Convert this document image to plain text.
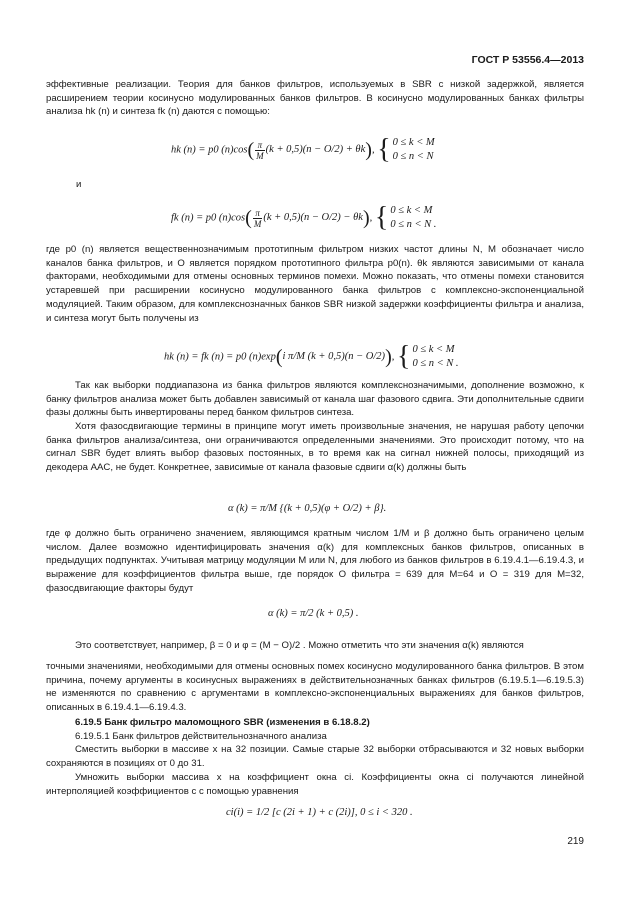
ГОСТ Р 53556.4—2013
эффективные реализации. Теория для банков фильтров, используемых в SBR с низкой задержкой, является расширением теории косинусно модулированных банков фильтров. В косинусно модулированных банках фильтры анализа hk (n) и синтеза fk (n) даются с помощью:
hk (n) = p0 $(n)\cos( \frac{\pi}{M} (k + 0,5)(n - O/2) + \theta k)$, { 0 ≤ k < M
0 ≤ n < N
и
fk (n) = p0 $(n)\cos( \frac{\pi}{M} (k + 0,5)(n - O/2) - \theta k)$, { 0 ≤ k < M
0 ≤ n < N .
где p0 (n) является вещественнозначимым прототипным фильтром низких частот длины N, M обозначает число каналов банка фильтров, и O является порядком прототипного фильтра p0(n). θk являются зависимыми от канала факторами, необходимыми для отмены основных терминов помехи. Можно показать, что отмены помехи становится устаревшей при расширении косинусно модулированного банка фильтров с комплексно-экспоненциальной модуляцией. Таким образом, для комплекснозначных банков SBR низкой задержки коэффициенты фильтра и анализа, и синтеза могут быть получены из
hk (n) = fk (n) = p0 (n)exp(i π/M (k + 0,5)(n − O/2)), { 0 ≤ k < M
0 ≤ n < N .
Так как выборки поддиапазона из банка фильтров являются комплекснозначимыми, дополнение возможно, к банку фильтров анализа может быть добавлен зависимый от канала шаг фазового сдвига. Эти дополнительные сдвиги фазы должны быть инвертированы перед банком фильтров синтеза.
Хотя фазосдвигающие термины в принципе могут иметь произвольные значения, не нарушая работу цепочки банка фильтров анализа/синтеза, они ограничиваются определенными значениями. Это происходит потому, что на сигнал SBR будет влиять выбор фазовых постоянных, в то время как на сигнал нижней полосы, приходящий из декодера AAC, не будет. Конкретнее, зависимые от канала фазовые сдвиги α(k) должны быть
α (k) = π/M {(k + 0,5)(φ + O/2) + β}.
где φ должно быть ограничено значением, являющимся кратным числом 1/M и β должно быть ограничено целым числом. Далее возможно идентифицировать значения α(k) для комплексных банков фильтров, описанных в предыдущих подпунктах. Учитывая матрицу модуляции M или N, для любого из банков фильтров в 6.19.4.1—6.19.4.3, и выражение для коэффициентов фильтра выше, где порядок O фильтра = 639 для M=64 и O = 319 для M=32, фазосдвигающие факторы будут
α (k) = π/2 (k + 0,5) .
Это соответствует, например, β = 0 и φ = (M − O)/2 . Можно отметить что эти значения α(k) являются
точными значениями, необходимыми для отмены основных помех косинусно модулированного банка фильтров. В этом причина, почему аргументы в косинусных выражениях в действительнозначных банках фильтров (6.19.5.1—6.19.5.3) не изменяются по сравнению с аргументами в комплексно-экспоненциальных выражениях для банков фильтров, описанных в 6.19.4.1—6.19.4.3.
6.19.5 Банк фильтро маломощного SBR (изменения в 6.18.8.2)
6.19.5.1 Банк фильтров действительнозначного анализа
Сместить выборки в массиве x на 32 позиции. Самые старые 32 выборки отбрасываются и 32 новых выборки сохраняются в позициях от 0 до 31.
Умножить выборки массива x на коэффициент окна ci. Коэффициенты окна ci получаются линейной интерполяцией коэффициентов c с помощью уравнения
ci(i) = 1/2 [c (2i + 1) + c (2i)], 0 ≤ i < 320 .
219
